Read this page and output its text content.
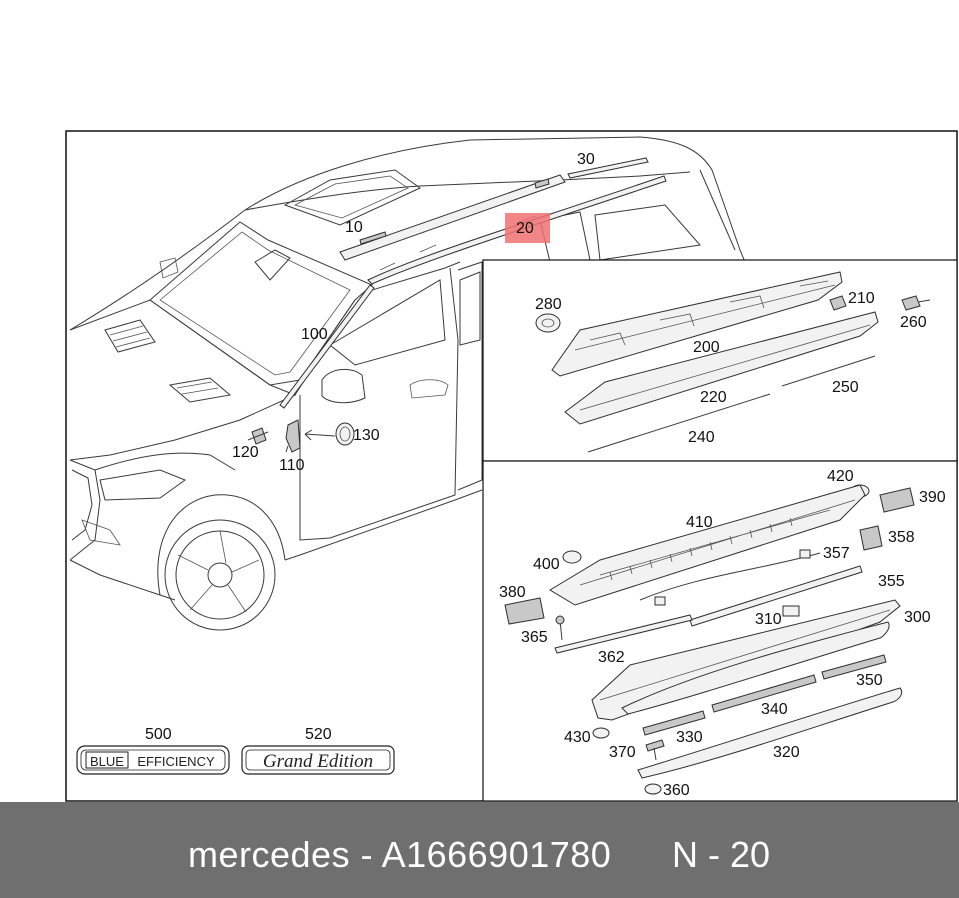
BLUE EFFICIENCY	Grand Edition
10	20
30
100
110
120
130
280	210
260
200
250
220
240
420
390
410
358
357
400
355
380
310	300
365
362
350
340
430	330
370	320
360
500	520
mercedes - A1666901780 N - 20
